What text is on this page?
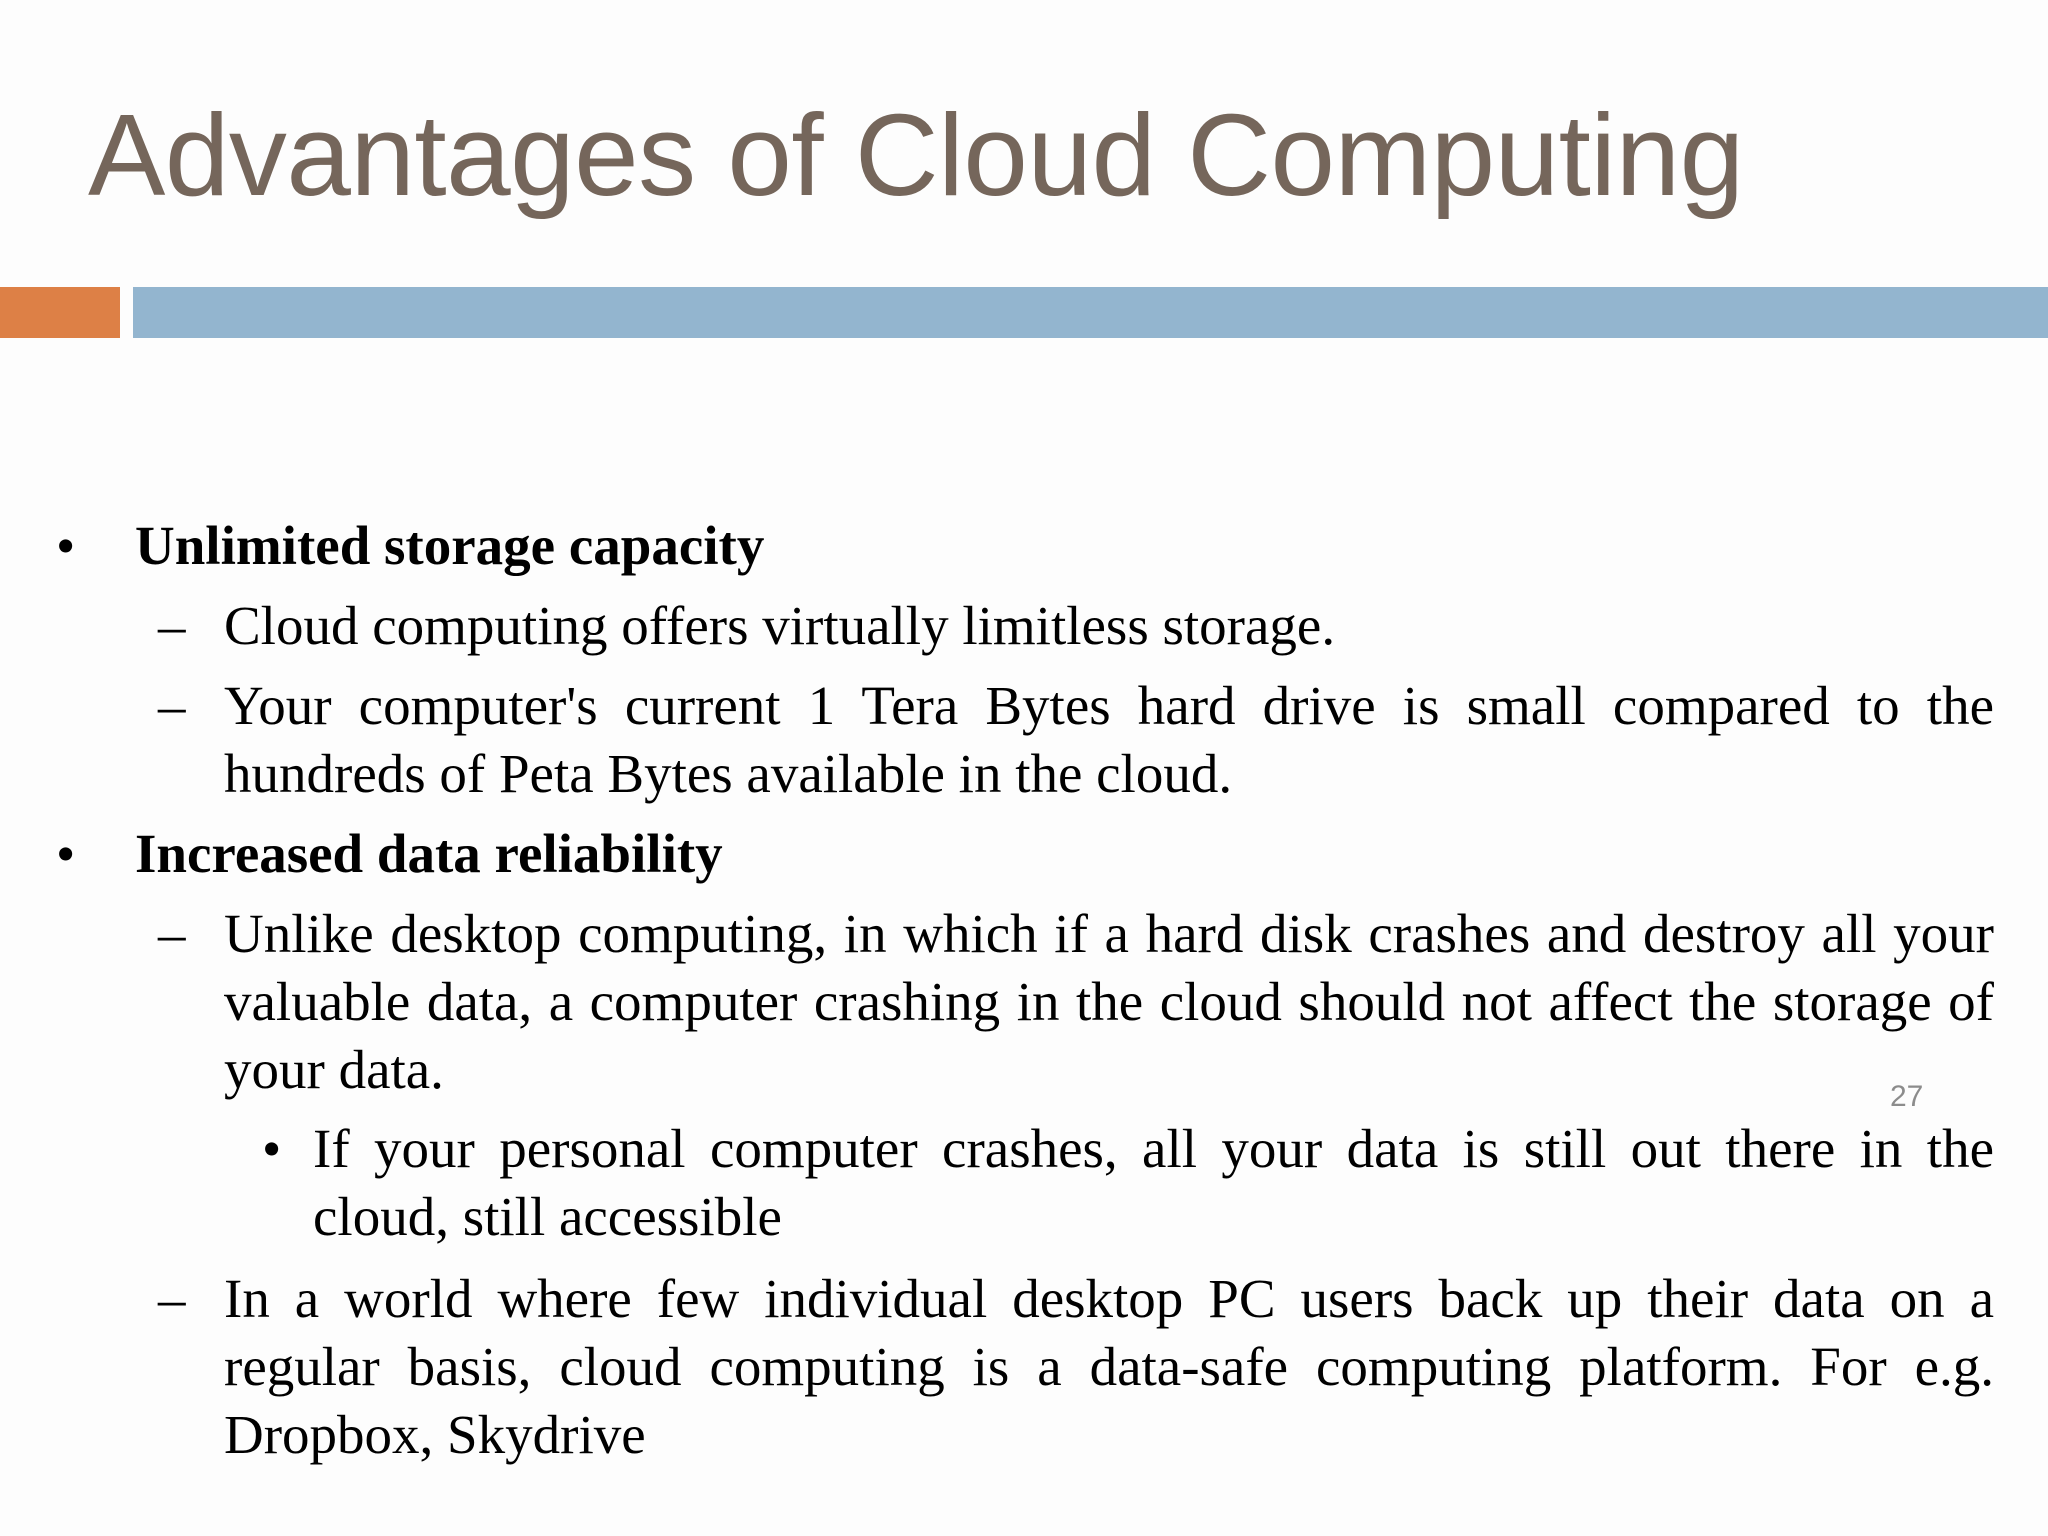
Advantages of Cloud Computing
• Unlimited storage capacity
– Cloud computing offers virtually limitless storage.
– Your computer's current 1 Tera Bytes hard drive is small compared to the hundreds of Peta Bytes available in the cloud.
• Increased data reliability
– Unlike desktop computing, in which if a hard disk crashes and destroy all your valuable data, a computer crashing in the cloud should not affect the storage of your data.
• If your personal computer crashes, all your data is still out there in the cloud, still accessible
– In a world where few individual desktop PC users back up their data on a regular basis, cloud computing is a data-safe computing platform. For e.g. Dropbox, Skydrive
27
